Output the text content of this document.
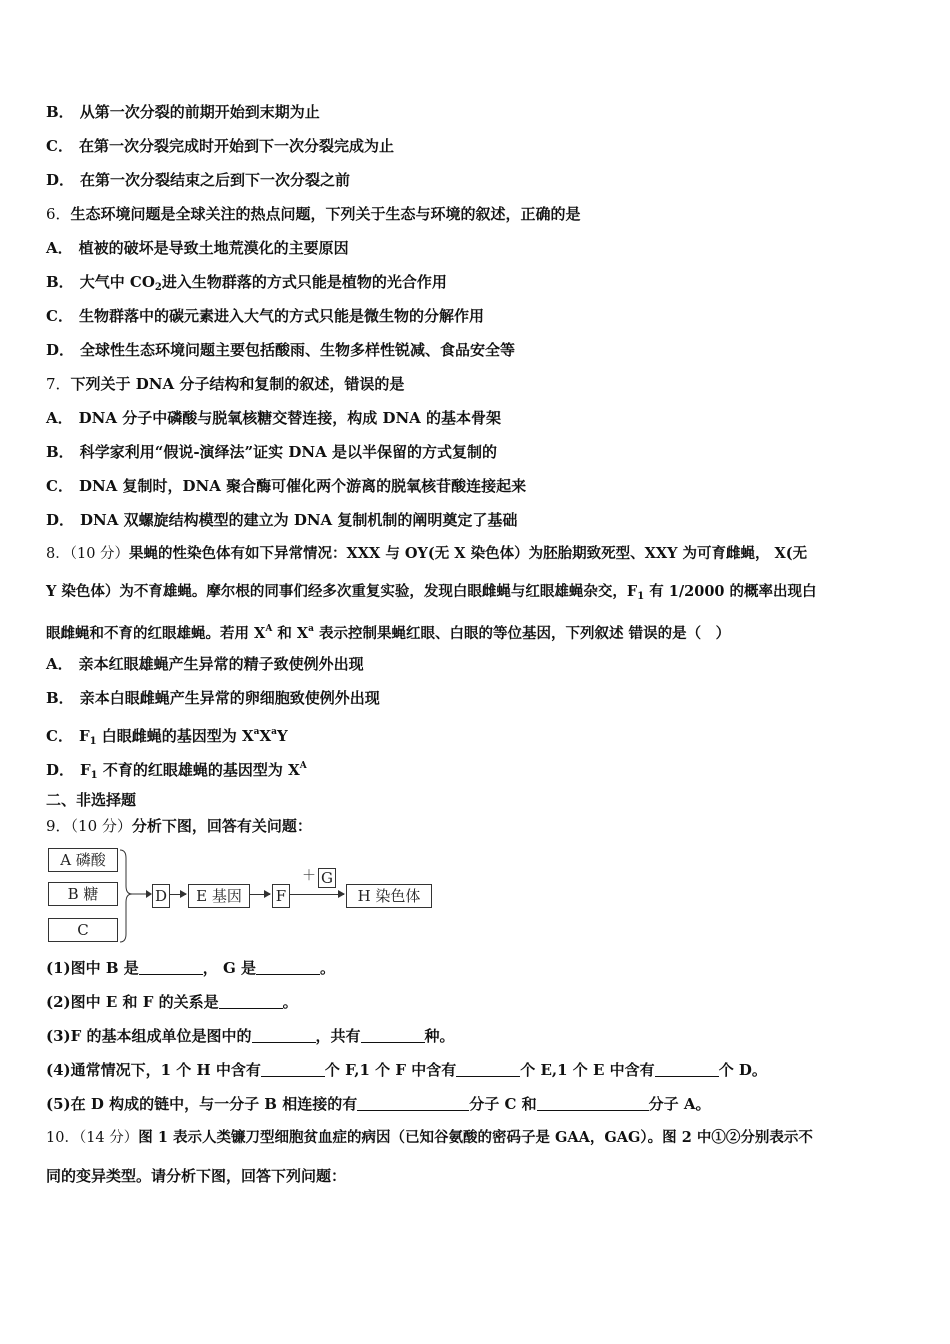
B． 从第一次分裂的前期开始到末期为止
C． 在第一次分裂完成时开始到下一次分裂完成为止
D． 在第一次分裂结束之后到下一次分裂之前
6．生态环境问题是全球关注的热点问题，下列关于生态与环境的叙述，正确的是
A． 植被的破坏是导致土地荒漠化的主要原因
B． 大气中 $CO_2$进入生物群落的方式只能是植物的光合作用
C． 生物群落中的碳元素进入大气的方式只能是微生物的分解作用
D． 全球性生态环境问题主要包括酸雨、生物多样性锐减、食品安全等
7．下列关于 DNA 分子结构和复制的叙述，错误的是
A． DNA 分子中磷酸与脱氧核糖交替连接，构成 DNA 的基本骨架
B． 科学家利用“假说-演绎法”证实 DNA 是以半保留的方式复制的
C． DNA 复制时，DNA 聚合酶可催化两个游离的脱氧核苷酸连接起来
D． DNA 双螺旋结构模型的建立为 DNA 复制机制的阐明奠定了基础
8．（10 分）果蝇的性染色体有如下异常情况：XXX 与 OY(无 X 染色体）为胚胎期致死型、XXY 为可育雌蝇， X(无
Y 染色体）为不育雄蝇。摩尔根的同事们经多次重复实验，发现白眼雌蝇与红眼雄蝇杂交，$F_1$ 有 1/2000 的概率出现白
眼雌蝇和不育的红眼雄蝇。若用 $X^A$ 和 $X^a$ 表示控制果蝇红眼、白眼的等位基因，下列叙述 错误的是（　）
A． 亲本红眼雄蝇产生异常的精子致使例外出现
B． 亲本白眼雌蝇产生异常的卵细胞致使例外出现
C． $F_1$ 白眼雌蝇的基因型为 $X^aX^aY$
D． $F_1$ 不育的红眼雄蝇的基因型为 $X^A$
二、非选择题
9．（10 分）分析下图，回答有关问题：
A 磷酸
B 糖
C
D	E 基因	F
＋ G
H 染色体
(1)图中 B 是	， G 是	。
(2)图中 E 和 F 的关系是	。
(3)F 的基本组成单位是图中的	，共有	种。
(4)通常情况下，1 个 H 中含有	个 F,1 个 F 中含有	个 E,1 个 E 中含有	个 D。
(5)在 D 构成的链中，与一分子 B 相连接的有	分子 C 和	分子 A。
10．（14 分）图 1 表示人类镰刀型细胞贫血症的病因（已知谷氨酸的密码子是 GAA，GAG）。图 2 中①②分别表示不
同的变异类型。请分析下图，回答下列问题：
